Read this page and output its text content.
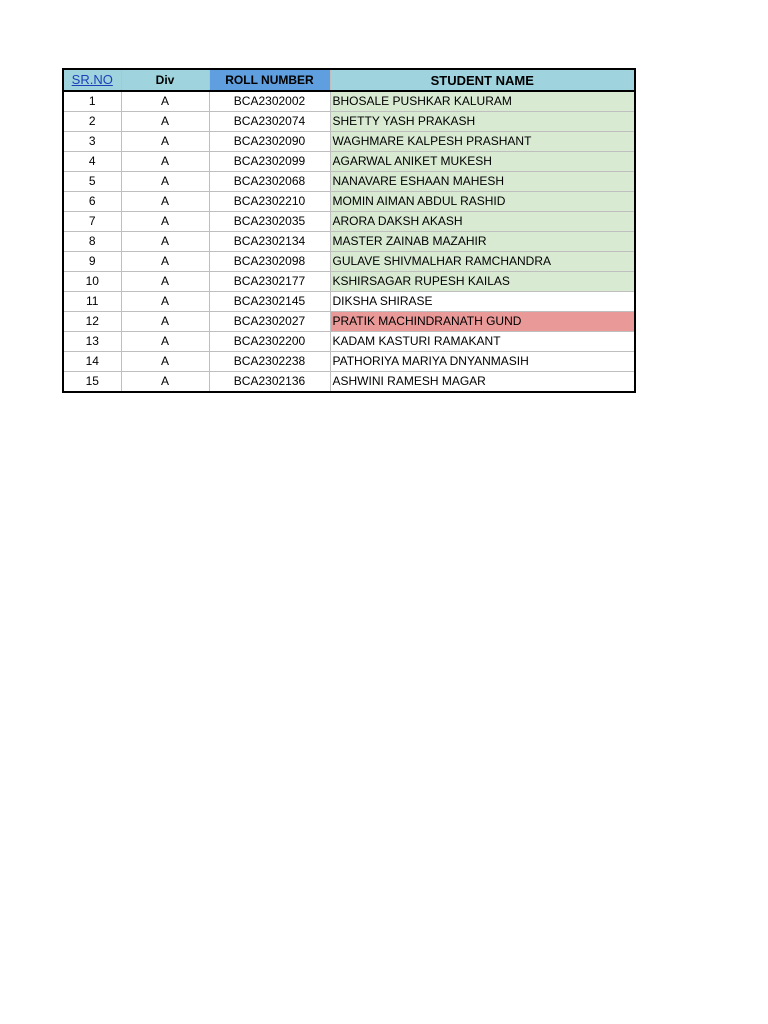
SR.NO	Div	ROLL NUMBER	STUDENT NAME
1	A	BCA2302002	BHOSALE PUSHKAR KALURAM
2	A	BCA2302074	SHETTY YASH PRAKASH
3	A	BCA2302090	WAGHMARE KALPESH PRASHANT
4	A	BCA2302099	AGARWAL ANIKET MUKESH
5	A	BCA2302068	NANAVARE ESHAAN MAHESH
6	A	BCA2302210	MOMIN AIMAN ABDUL RASHID
7	A	BCA2302035	ARORA DAKSH AKASH
8	A	BCA2302134	MASTER ZAINAB MAZAHIR
9	A	BCA2302098	GULAVE SHIVMALHAR RAMCHANDRA
10	A	BCA2302177	KSHIRSAGAR RUPESH KAILAS
11	A	BCA2302145	DIKSHA SHIRASE
12	A	BCA2302027	PRATIK MACHINDRANATH GUND
13	A	BCA2302200	KADAM KASTURI RAMAKANT
14	A	BCA2302238	PATHORIYA MARIYA DNYANMASIH
15	A	BCA2302136	ASHWINI RAMESH MAGAR
